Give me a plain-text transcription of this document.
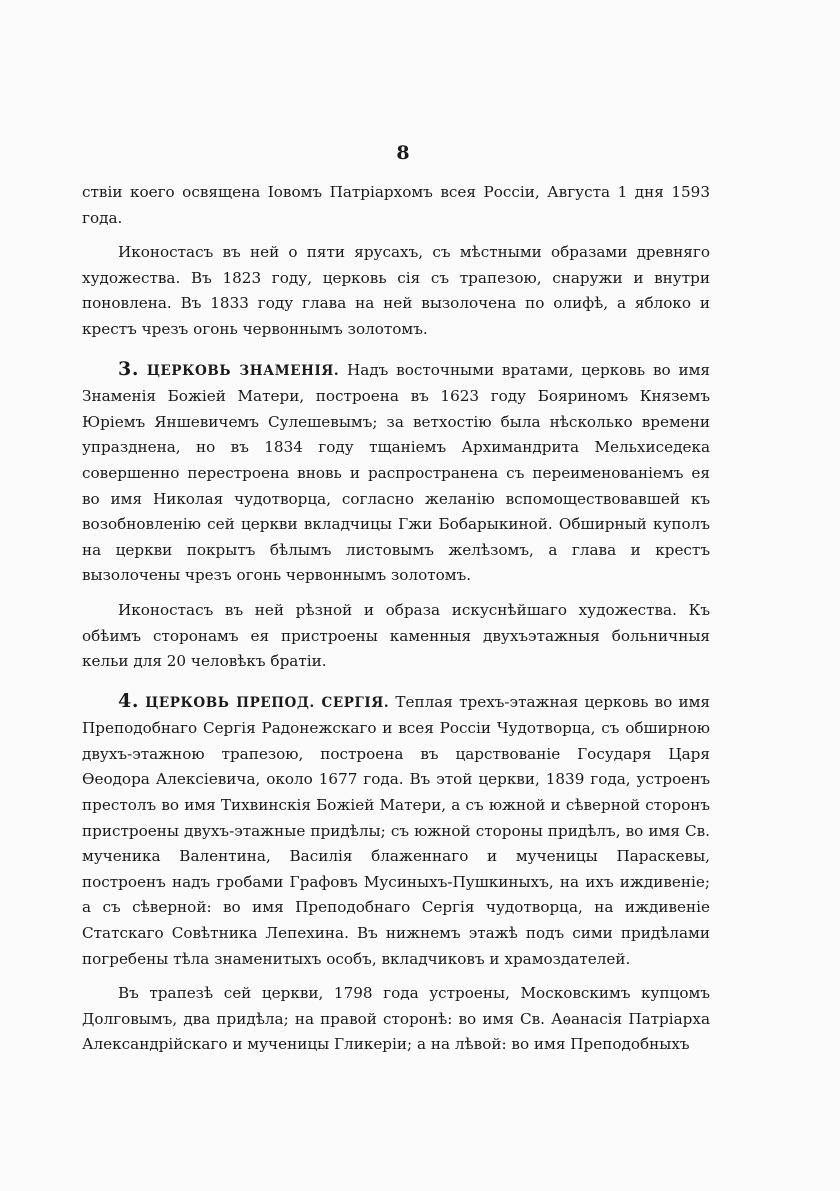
8

ствіи коего освящена Іовомъ Патріархомъ всея Россіи, Августа 1 дня 1593 года.

Иконостасъ въ ней о пяти ярусахъ, съ мѣстными образами древняго художества. Въ 1823 году, церковь сія съ трапезою, снаружи и внутри поновлена. Въ 1833 году глава на ней вызолочена по олифѣ, а яблоко и крестъ чрезъ огонь червоннымъ золотомъ.

3. ЦЕРКОВЬ ЗНАМЕНІЯ. Надъ восточными вратами, церковь во имя Знаменія Божіей Матери, построена въ 1623 году Бояриномъ Княземъ Юріемъ Яншевичемъ Сулешевымъ; за ветхостію была нѣсколько времени упразднена, но въ 1834 году тщаніемъ Архимандрита Мельхиседека совершенно перестроена вновь и распространена съ переименованіемъ ея во имя Николая чудотворца, согласно желанію вспомоществовавшей къ возобновленію сей церкви вкладчицы Гжи Бобарыкиной. Обширный куполъ на церкви покрытъ бѣлымъ листовымъ желѣзомъ, а глава и крестъ вызолочены чрезъ огонь червоннымъ золотомъ.

Иконостасъ въ ней рѣзной и образа искуснѣйшаго художества. Къ обѣимъ сторонамъ ея пристроены каменныя двухъэтажныя больничныя кельи для 20 человѣкъ братіи.

4. ЦЕРКОВЬ ПРЕПОД. СЕРГІЯ. Теплая трехъ-этажная церковь во имя Преподобнаго Сергія Радонежскаго и всея Россіи Чудотворца, съ обширною двухъ-этажною трапезою, построена въ царствованіе Государя Царя Ѳеодора Алексіевича, около 1677 года. Въ этой церкви, 1839 года, устроенъ престолъ во имя Тихвинскія Божіей Матери, а съ южной и сѣверной сторонъ пристроены двухъ-этажные придѣлы; съ южной стороны придѣлъ, во имя Св. мученика Валентина, Василія блаженнаго и мученицы Параскевы, построенъ надъ гробами Графовъ Мусиныхъ-Пушкиныхъ, на ихъ иждивеніе; а съ сѣверной: во имя Преподобнаго Сергія чудотворца, на иждивеніе Статскаго Совѣтника Лепехина. Въ нижнемъ этажѣ подъ сими придѣлами погребены тѣла знаменитыхъ особъ, вкладчиковъ и храмоздателей.

Въ трапезѣ сей церкви, 1798 года устроены, Московскимъ купцомъ Долговымъ, два придѣла; на правой сторонѣ: во имя Св. Аѳанасія Патріарха Александрійскаго и мученицы Гликеріи; а на лѣвой: во имя Преподобныхъ
